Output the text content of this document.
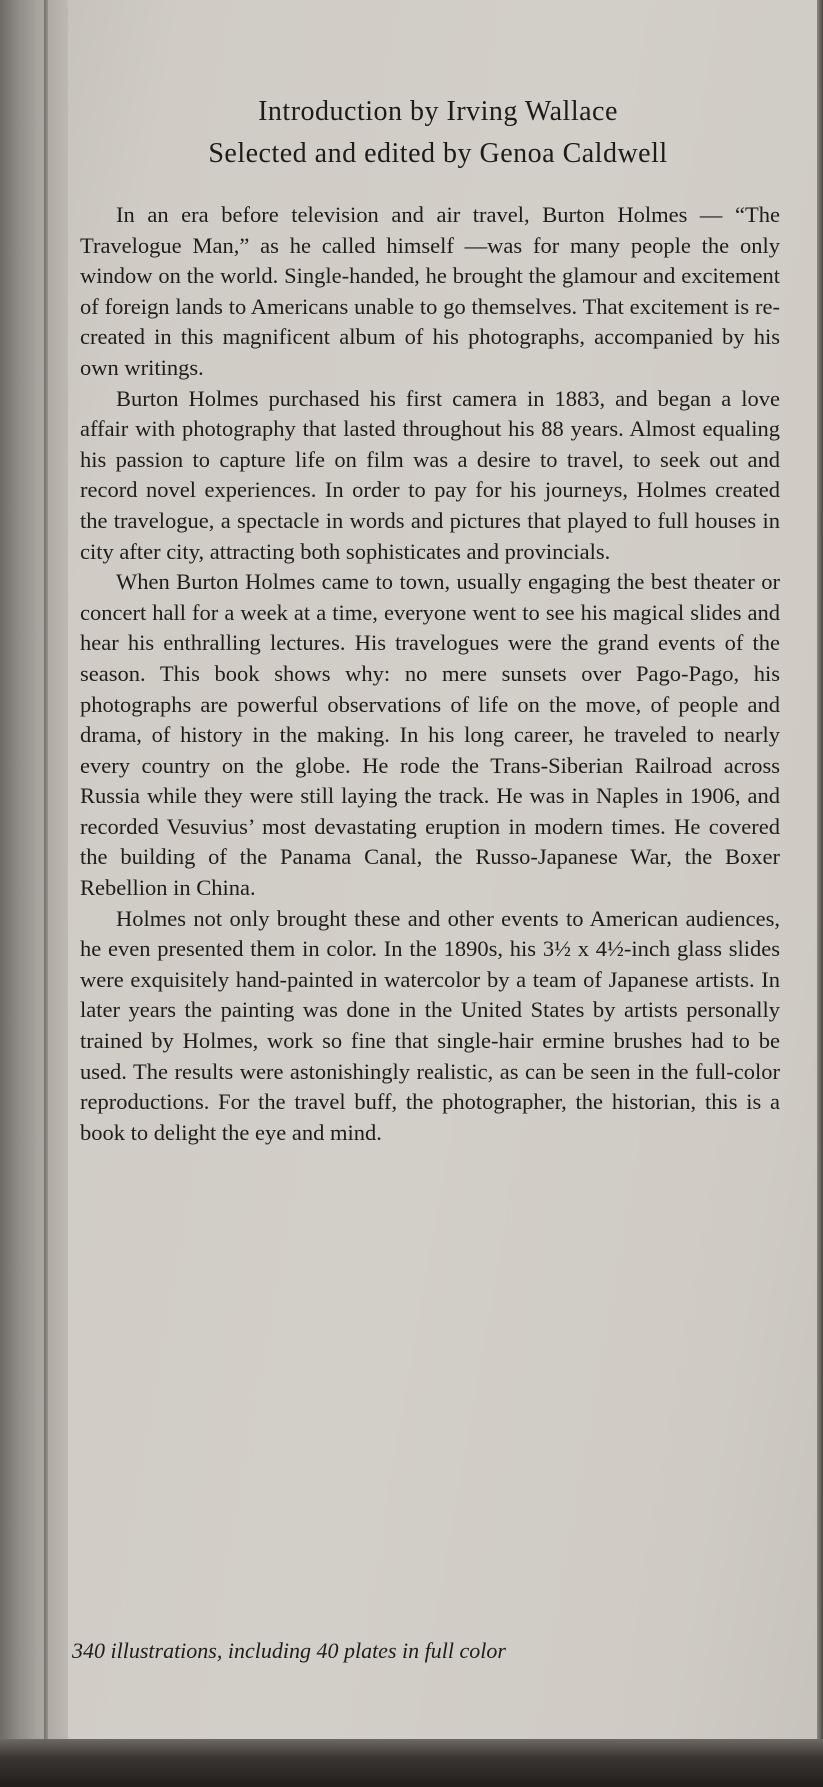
Introduction by Irving Wallace
Selected and edited by Genoa Caldwell

In an era before television and air travel, Burton Holmes — “The Travelogue Man,” as he called himself —was for many people the only window on the world. Single-handed, he brought the glamour and excitement of foreign lands to Americans unable to go themselves. That excitement is re-created in this magnificent album of his photographs, accompanied by his own writings.

Burton Holmes purchased his first camera in 1883, and began a love affair with photography that lasted throughout his 88 years. Almost equaling his passion to capture life on film was a desire to travel, to seek out and record novel experiences. In order to pay for his journeys, Holmes created the travelogue, a spectacle in words and pictures that played to full houses in city after city, attracting both sophisticates and provincials.

When Burton Holmes came to town, usually engaging the best theater or concert hall for a week at a time, everyone went to see his magical slides and hear his enthralling lectures. His travelogues were the grand events of the season. This book shows why: no mere sunsets over Pago-Pago, his photographs are powerful observations of life on the move, of people and drama, of history in the making. In his long career, he traveled to nearly every country on the globe. He rode the Trans-Siberian Railroad across Russia while they were still laying the track. He was in Naples in 1906, and recorded Vesuvius’ most devastating eruption in modern times. He covered the building of the Panama Canal, the Russo-Japanese War, the Boxer Rebellion in China.

Holmes not only brought these and other events to American audiences, he even presented them in color. In the 1890s, his 3½ x 4½-inch glass slides were exquisitely hand-painted in watercolor by a team of Japanese artists. In later years the painting was done in the United States by artists personally trained by Holmes, work so fine that single-hair ermine brushes had to be used. The results were astonishingly realistic, as can be seen in the full-color reproductions. For the travel buff, the photographer, the historian, this is a book to delight the eye and mind.

340 illustrations, including 40 plates in full color
